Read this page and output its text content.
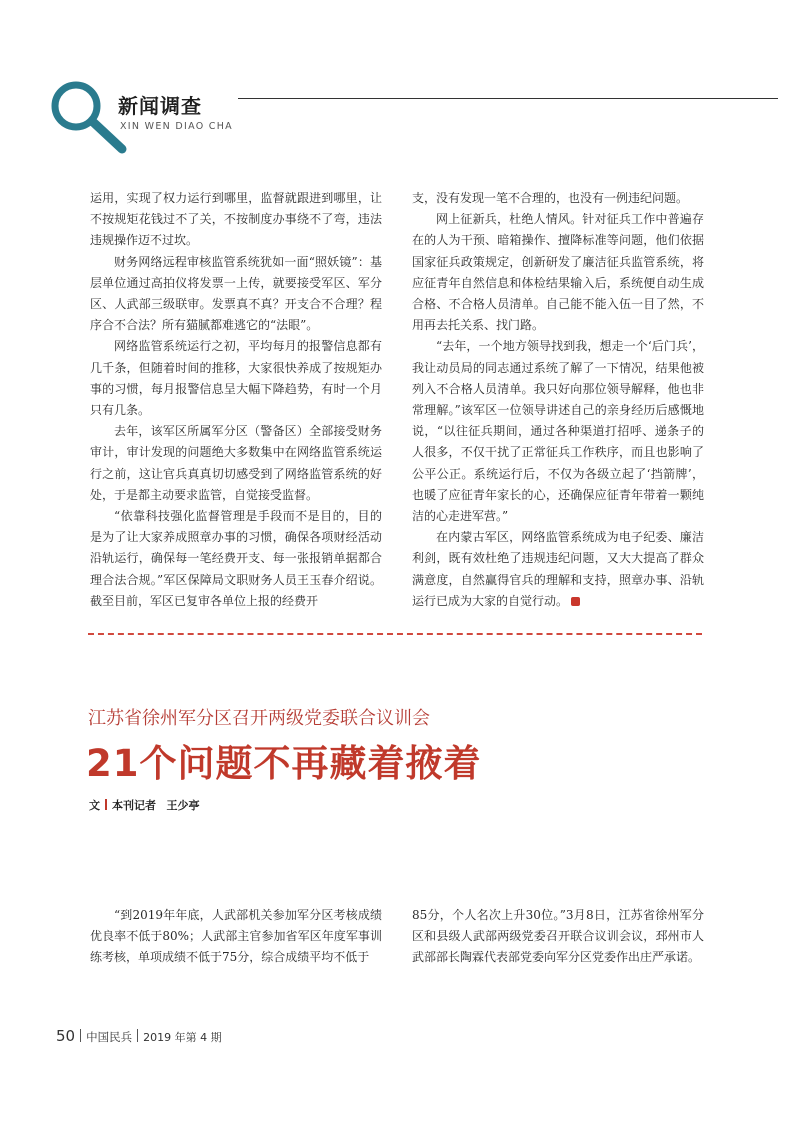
新闻调查
XIN WEN DIAO CHA

运用，实现了权力运行到哪里，监督就跟进到哪里，让不按规矩花钱过不了关，不按制度办事绕不了弯，违法违规操作迈不过坎。

财务网络远程审核监管系统犹如一面“照妖镜”：基层单位通过高拍仪将发票一上传，就要接受军区、军分区、人武部三级联审。发票真不真？开支合不合理？程序合不合法？所有猫腻都难逃它的“法眼”。

网络监管系统运行之初，平均每月的报警信息都有几千条，但随着时间的推移，大家很快养成了按规矩办事的习惯，每月报警信息呈大幅下降趋势，有时一个月只有几条。

去年，该军区所属军分区（警备区）全部接受财务审计，审计发现的问题绝大多数集中在网络监管系统运行之前，这让官兵真真切切感受到了网络监管系统的好处，于是都主动要求监管，自觉接受监督。

“依靠科技强化监督管理是手段而不是目的，目的是为了让大家养成照章办事的习惯，确保各项财经活动沿轨运行，确保每一笔经费开支、每一张报销单据都合理合法合规。”军区保障局文职财务人员王玉春介绍说。截至目前，军区已复审各单位上报的经费开

支，没有发现一笔不合理的，也没有一例违纪问题。

网上征新兵，杜绝人情风。针对征兵工作中普遍存在的人为干预、暗箱操作、擅降标准等问题，他们依据国家征兵政策规定，创新研发了廉洁征兵监管系统，将应征青年自然信息和体检结果输入后，系统便自动生成合格、不合格人员清单。自己能不能入伍一目了然，不用再去托关系、找门路。

“去年，一个地方领导找到我，想走一个‘后门兵’，我让动员局的同志通过系统了解了一下情况，结果他被列入不合格人员清单。我只好向那位领导解释，他也非常理解。”该军区一位领导讲述自己的亲身经历后感慨地说，“以往征兵期间，通过各种渠道打招呼、递条子的人很多，不仅干扰了正常征兵工作秩序，而且也影响了公平公正。系统运行后，不仅为各级立起了‘挡箭牌’，也暖了应征青年家长的心，还确保应征青年带着一颗纯洁的心走进军营。”

在内蒙古军区，网络监管系统成为电子纪委、廉洁利剑，既有效杜绝了违规违纪问题，又大大提高了群众满意度，自然赢得官兵的理解和支持，照章办事、沿轨运行已成为大家的自觉行动。

江苏省徐州军分区召开两级党委联合议训会
21个问题不再藏着掖着
文 本刊记者 王少亭

“到2019年年底，人武部机关参加军分区考核成绩优良率不低于80%；人武部主官参加省军区年度军事训练考核，单项成绩不低于75分，综合成绩平均不低于

85分，个人名次上升30位。”3月8日，江苏省徐州军分区和县级人武部两级党委召开联合议训会议，邳州市人武部部长陶霖代表部党委向军分区党委作出庄严承诺。

50 中国民兵 2019 年第 4 期
